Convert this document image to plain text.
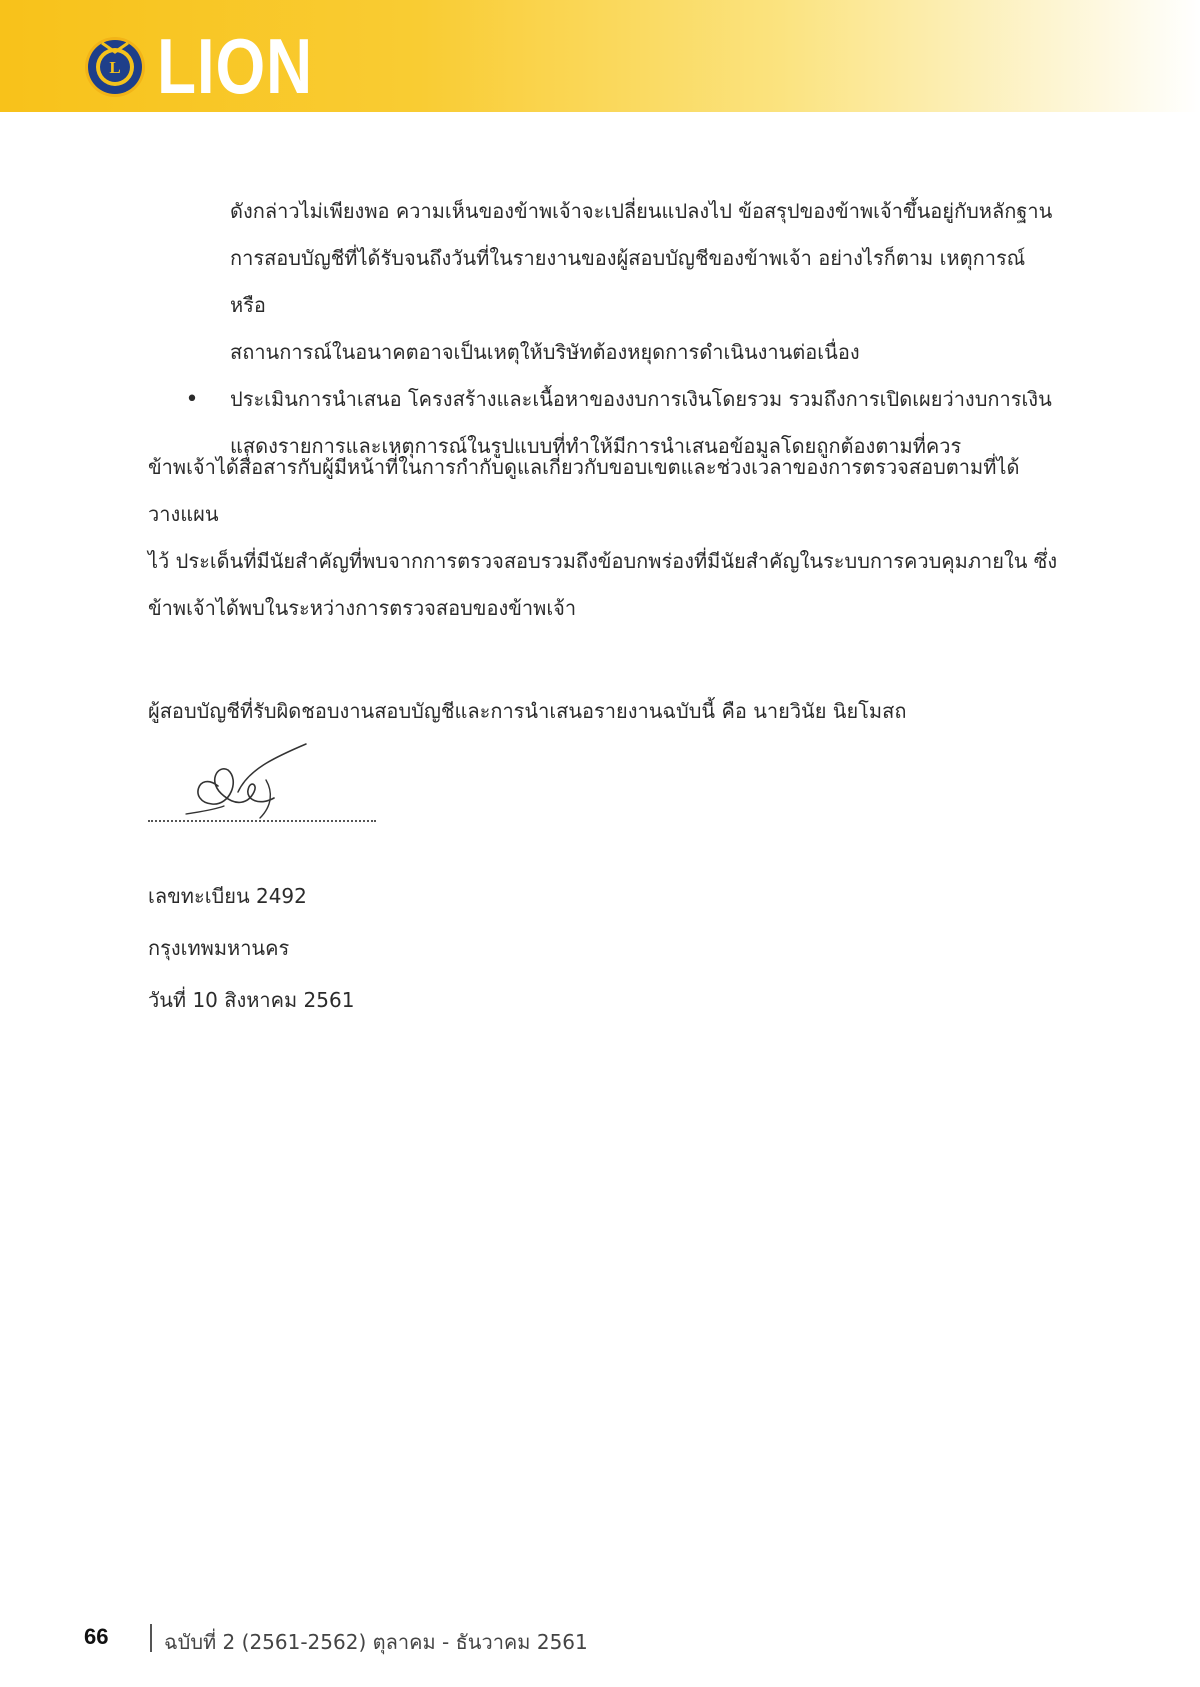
L LION

ดังกล่าวไม่เพียงพอ ความเห็นของข้าพเจ้าจะเปลี่ยนแปลงไป ข้อสรุปของข้าพเจ้าขึ้นอยู่กับหลักฐาน

การสอบบัญชีที่ได้รับจนถึงวันที่ในรายงานของผู้สอบบัญชีของข้าพเจ้า อย่างไรก็ตาม เหตุการณ์หรือ

สถานการณ์ในอนาคตอาจเป็นเหตุให้บริษัทต้องหยุดการดำเนินงานต่อเนื่อง

• ประเมินการนำเสนอ โครงสร้างและเนื้อหาของงบการเงินโดยรวม รวมถึงการเปิดเผยว่างบการเงิน

แสดงรายการและเหตุการณ์ในรูปแบบที่ทำให้มีการนำเสนอข้อมูลโดยถูกต้องตามที่ควร

ข้าพเจ้าได้สื่อสารกับผู้มีหน้าที่ในการกำกับดูแลเกี่ยวกับขอบเขตและช่วงเวลาของการตรวจสอบตามที่ได้วางแผน

ไว้ ประเด็นที่มีนัยสำคัญที่พบจากการตรวจสอบรวมถึงข้อบกพร่องที่มีนัยสำคัญในระบบการควบคุมภายใน ซึ่ง

ข้าพเจ้าได้พบในระหว่างการตรวจสอบของข้าพเจ้า

ผู้สอบบัญชีที่รับผิดชอบงานสอบบัญชีและการนำเสนอรายงานฉบับนี้ คือ นายวินัย นิยโมสถ

เลขทะเบียน 2492

กรุงเทพมหานคร

วันที่ 10 สิงหาคม 2561

66	ฉบับที่ 2 (2561-2562) ตุลาคม - ธันวาคม 2561
